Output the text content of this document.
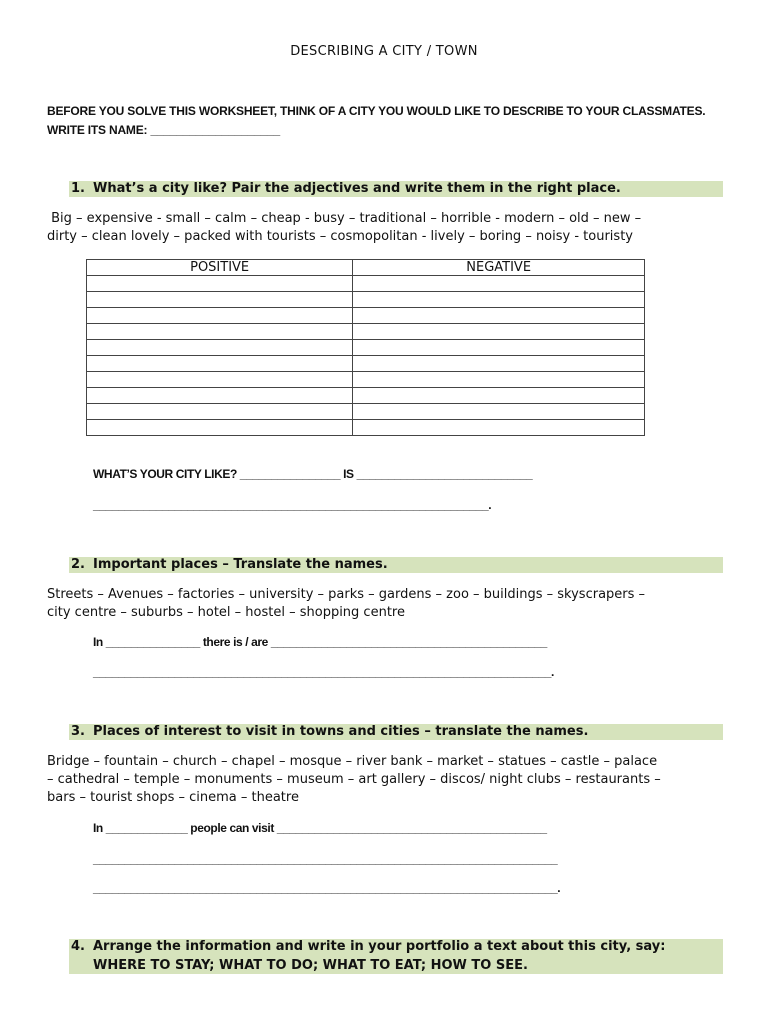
DESCRIBING A CITY / TOWN
BEFORE YOU SOLVE THIS WORKSHEET, THINK OF A CITY YOU WOULD LIKE TO DESCRIBE TO YOUR CLASSMATES.
WRITE ITS NAME: ____________________
1. What’s a city like? Pair the adjectives and write them in the right place.
Big – expensive - small – calm – cheap - busy – traditional – horrible - modern – old – new –
dirty – clean lovely – packed with tourists – cosmopolitan - lively – boring – noisy - touristy
POSITIVE	NEGATIVE

WHAT’S YOUR CITY LIKE? ________________ IS ____________________________
_______________________________________________________________.
2. Important places – Translate the names.
Streets – Avenues – factories – university – parks – gardens – zoo – buildings – skyscrapers –
city centre – suburbs – hotel – hostel – shopping centre
In _______________ there is / are ____________________________________________
_________________________________________________________________________.
3. Places of interest to visit in towns and cities – translate the names.
Bridge – fountain – church – chapel – mosque – river bank – market – statues – castle – palace
– cathedral – temple – monuments – museum – art gallery – discos/ night clubs – restaurants –
bars – tourist shops – cinema – theatre
In _____________ people can visit ___________________________________________
__________________________________________________________________________
__________________________________________________________________________.
4. Arrange the information and write in your portfolio a text about this city, say:
WHERE TO STAY; WHAT TO DO; WHAT TO EAT; HOW TO SEE.
